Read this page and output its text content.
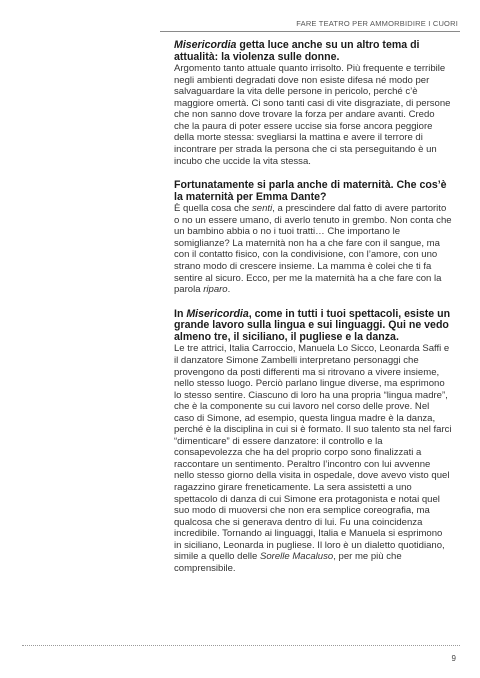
FARE TEATRO PER AMMORBIDIRE I CUORI

Misericordia getta luce anche su un altro tema di attualità: la violenza sulle donne.

Argomento tanto attuale quanto irrisolto. Più frequente e terribile negli ambienti degradati dove non esiste difesa né modo per salvaguardare la vita delle persone in pericolo, perché c’è maggiore omertà. Ci sono tanti casi di vite disgraziate, di persone che non sanno dove trovare la forza per andare avanti. Credo che la paura di poter essere uccise sia forse ancora peggiore della morte stessa: svegliarsi la mattina e avere il terrore di incontrare per strada la persona che ci sta perseguitando è un incubo che uccide la vita stessa.

Fortunatamente si parla anche di maternità. Che cos’è la maternità per Emma Dante?

È quella cosa che senti, a prescindere dal fatto di avere partorito o no un essere umano, di averlo tenuto in grembo. Non conta che un bambino abbia o no i tuoi tratti… Che importano le somiglianze? La maternità non ha a che fare con il sangue, ma con il contatto fisico, con la condivisione, con l’amore, con uno strano modo di crescere insieme. La mamma è colei che ti fa sentire al sicuro. Ecco, per me la maternità ha a che fare con la parola riparo.

In Misericordia, come in tutti i tuoi spettacoli, esiste un grande lavoro sulla lingua e sui linguaggi. Qui ne vedo almeno tre, il siciliano, il pugliese e la danza.

Le tre attrici, Italia Carroccio, Manuela Lo Sicco, Leonarda Saffi e il danzatore Simone Zambelli interpretano personaggi che provengono da posti differenti ma si ritrovano a vivere insieme, nello stesso luogo. Perciò parlano lingue diverse, ma esprimono lo stesso sentire. Ciascuno di loro ha una propria “lingua madre”, che è la componente su cui lavoro nel corso delle prove. Nel caso di Simone, ad esempio, questa lingua madre è la danza, perché è la disciplina in cui si è formato. Il suo talento sta nel farci “dimenticare” di essere danzatore: il controllo e la consapevolezza che ha del proprio corpo sono finalizzati a raccontare un sentimento. Peraltro l’incontro con lui avvenne nello stesso giorno della visita in ospedale, dove avevo visto quel ragazzino girare freneticamente. La sera assistetti a uno spettacolo di danza di cui Simone era protagonista e notai quel suo modo di muoversi che non era semplice coreografia, ma qualcosa che si generava dentro di lui. Fu una coincidenza incredibile. Tornando ai linguaggi, Italia e Manuela si esprimono in siciliano, Leonarda in pugliese. Il loro è un dialetto quotidiano, simile a quello delle Sorelle Macaluso, per me più che comprensibile.

9
